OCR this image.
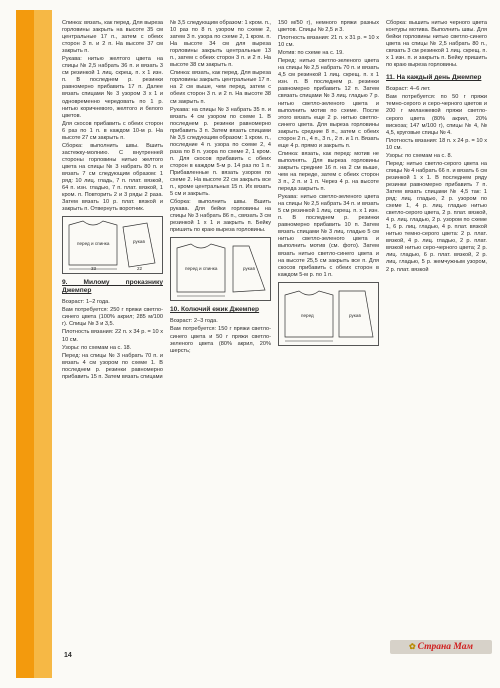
Спинка: вязать, как перед. Для выреза горловины закрыть на высоте 35 см центральные 17 п., затем с обеих сторон 3 п. и 2 п. На высоте 37 см закрыть п.

Рукава: нитью желтого цвета на спицы № 2,5 набрать 36 п. и вязать 3 см резинкой 1 лиц. скрещ. п. х 1 изн. п. В последнем р. резинки равномерно прибавить 17 п. Далее вязать спицами № 3 узором 3 х 1 и одновременно чередовать по 1 р. нитью коричневого, желтого и белого цветов.

Для скосов прибавить с обеих сторон 6 раз по 1 п. в каждом 10-м р. На высоте 27 см закрыть п.

Сборка: выполнить швы. Вшить застежку-молнию. С внутренней стороны горловины нитью желтого цвета на спицы № 3 набрать 80 п. и вязать 7 см следующим образом: 1 ряд: 10 лиц. гладь, 7 п. плат. вязкой, 64 п. изн. гладью, 7 п. плат. вязкой, 1 кром. п. Повторить 2 и 3 ряды 2 раза. Затем вязать 10 р. плат. вязкой и закрыть п. Отвернуть воротник.

перед и спинка	рукав
33	22
9. Милому проказнику Джемпер

Возраст: 1–2 года.

Вам потребуется: 250 г пряжи светло-синего цвета (100% акрил; 285 м/100 г). Спицы № 3 и 3,5.

Плотность вязания: 22 п. х 34 р. = 10 х 10 см.

Узоры: по схемам на с. 18.

Перед: на спицы № 3 набрать 70 п. и вязать 4 см узором по схеме 1. В последнем р. резинки равномерно прибавить 15 п. Затем вязать спицами

№ 3,5 следующим образом: 1 кром. п., 10 раз по 8 п. узором по схеме 2, затем 3 п. узора по схеме 2, 1 кром. п. На высоте 34 см для выреза горловины закрыть центральные 13 п., затем с обеих сторон 3 п. и 2 п. На высоте 38 см закрыть п.

Спинка: вязать, как перед. Для выреза горловины закрыть центральные 17 п. на 2 см выше, чем перед, затем с обеих сторон 3 п. и 2 п. На высоте 38 см закрыть п.

Рукава: на спицы № 3 набрать 35 п. и вязать 4 см узором по схеме 1. В последнем р. резинки равномерно прибавить 3 п. Затем вязать спицами № 3,5 следующим образом: 1 кром. п., последние 4 п. узора по схеме 2, 4 раза по 8 п. узора по схеме 2, 1 кром. п. Для скосов прибавить с обеих сторон в каждом 5-м р. 14 раз по 1 п. Прибавленные п. вязать узором по схеме 2. На высоте 22 см закрыть все п., кроме центральных 15 п. Их вязать 5 см и закрыть.

Сборка: выполнить швы. Вшить рукава. Для бейки горловины на спицы № 3 набрать 86 п., связать 3 см резинкой 1 х 1 и закрыть п. Бейку пришить по краю выреза горловины.

перед и спинка	рукав
10. Колючий ежик Джемпер

Возраст: 2–3 года.

Вам потребуется: 150 г пряжи светло-синего цвета и 50 г пряжи светло-зеленого цвета (80% акрил, 20% шерсть;

150 м/50 г), немного пряжи разных цветов. Спицы № 2,5 и 3.

Плотность вязания: 21 п. х 31 р. = 10 х 10 см.

Мотив: по схеме на с. 19.

Перед: нитью светло-зеленого цвета на спицы № 2,5 набрать 70 п. и вязать 4,5 см резинкой 1 лиц. скрещ. п. х 1 изн. п. В последнем р. резинки равномерно прибавить 12 п. Затем связать спицами № 3 лиц. гладью 7 р. нитью светло-зеленого цвета и выполнить мотив по схеме. После этого вязать еще 2 р. нитью светло-синего цвета. Для выреза горловины закрыть средние 8 п., затем с обеих сторон 2 п., 4 п., 3 п., 2 п. и 1 п. Вязать еще 4 р. прямо и закрыть п.

Спинка: вязать, как перед: мотив не выполнять. Для выреза горловины закрыть средние 16 п. на 2 см выше, чем на переде, затем с обеих сторон 3 п., 2 п. и 1 п. Через 4 р. на высоте переда закрыть п.

Рукава: нитью светло-зеленого цвета на спицы № 2,5 набрать 34 п. и вязать 5 см резинкой 1 лиц. скрещ. п. х 1 изн. п. В последнем р. резинки равномерно прибавить 10 п. Затем вязать спицами № 3 лиц. гладью 5 см нитью светло-зеленого цвета и выполнить мотив (см. фото). Затем вязать нитью светло-синего цвета и на высоте 25,5 см закрыть все п. Для скосов прибавить с обеих сторон в каждом 5-м р. по 1 п.

перед	рукав

Сборка: вышить нитью черного цвета контуры мотива. Выполнить швы. Для бейки горловины нитью светло-синего цвета на спицы № 2,5 набрать 80 п., связать 3 см резинкой 1 лиц. скрещ. п. х 1 изн. п. и закрыть п. Бейку пришить по краю выреза горловины.

11. На каждый день Джемпер

Возраст: 4–6 лет.

Вам потребуется: по 50 г пряжи темно-серого и серо-черного цветов и 200 г меланжевой пряжи светло-серого цвета (80% акрил, 20% вискоза; 147 м/100 г), спицы № 4, № 4,5, круговые спицы № 4.

Плотность вязания: 18 п. х 24 р. = 10 х 10 см.

Узоры: по схемам на с. 8.

Перед: нитью светло-серого цвета на спицы № 4 набрать 66 п. и вязать 6 см резинкой 1 х 1. В последнем ряду резинки равномерно прибавить 7 п. Затем вязать спицами № 4,5 так: 1 ряд: лиц. гладью, 2 р. узором по схеме 1, 4 р. лиц. гладью нитью светло-серого цвета, 2 р. плат. вязкой, 4 р. лиц. гладью, 2 р. узором по схеме 1, 6 р. лиц. гладью, 4 р. плат. вязкой нитью темно-серого цвета: 2 р. плат. вязкой, 4 р. лиц. гладью, 2 р. плат. вязкой нитью серо-черного цвета; 2 р. лиц. гладью, 6 р. плат. вязкой, 2 р. лиц. гладью, 5 р. жемчужным узором, 2 р. плат. вязкой

14
✿ Страна Мам
